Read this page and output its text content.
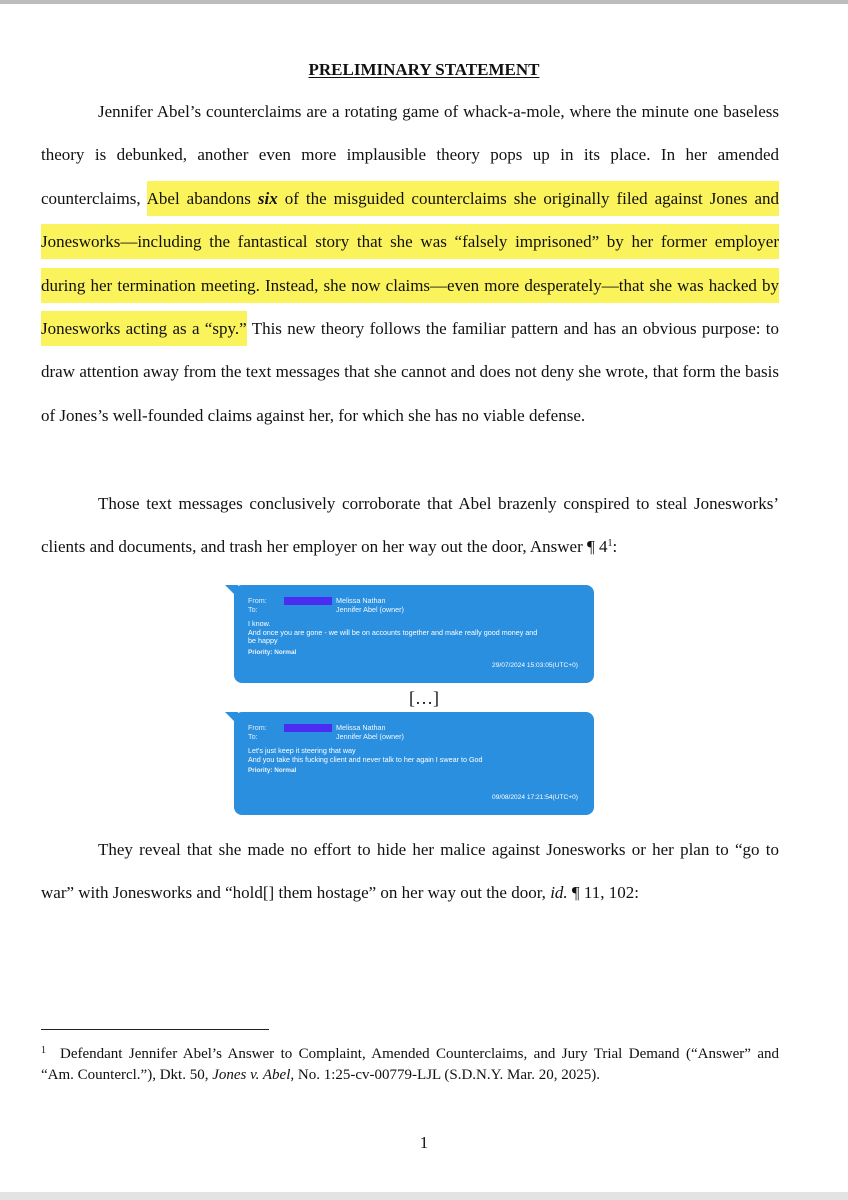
PRELIMINARY STATEMENT

Jennifer Abel’s counterclaims are a rotating game of whack-a-mole, where the minute one baseless theory is debunked, another even more implausible theory pops up in its place. In her amended counterclaims, Abel abandons six of the misguided counterclaims she originally filed against Jones and Jonesworks—including the fantastical story that she was “falsely imprisoned” by her former employer during her termination meeting. Instead, she now claims—even more desperately—that she was hacked by Jonesworks acting as a “spy.” This new theory follows the familiar pattern and has an obvious purpose: to draw attention away from the text messages that she cannot and does not deny she wrote, that form the basis of Jones’s well-founded claims against her, for which she has no viable defense.

Those text messages conclusively corroborate that Abel brazenly conspired to steal Jonesworks’ clients and documents, and trash her employer on her way out the door, Answer ¶ 4$^1$:

From:	Melissa Nathan
To:	Jennifer Abel (owner)
I know.
And once you are gone - we will be on accounts together and make really good money and
be happy
Priority: Normal
29/07/2024 15:03:05(UTC+0)
[…]
From:	Melissa Nathan
To:	Jennifer Abel (owner)
Let's just keep it steering that way
And you take this fucking client and never talk to her again I swear to God
Priority: Normal
09/08/2024 17:21:54(UTC+0)

They reveal that she made no effort to hide her malice against Jonesworks or her plan to “go to war” with Jonesworks and “hold[] them hostage” on her way out the door, id. ¶ 11, 102:

$^1$ Defendant Jennifer Abel’s Answer to Complaint, Amended Counterclaims, and Jury Trial Demand (“Answer” and “Am. Countercl.”), Dkt. 50, Jones v. Abel, No. 1:25-cv-00779-LJL (S.D.N.Y. Mar. 20, 2025).

1
